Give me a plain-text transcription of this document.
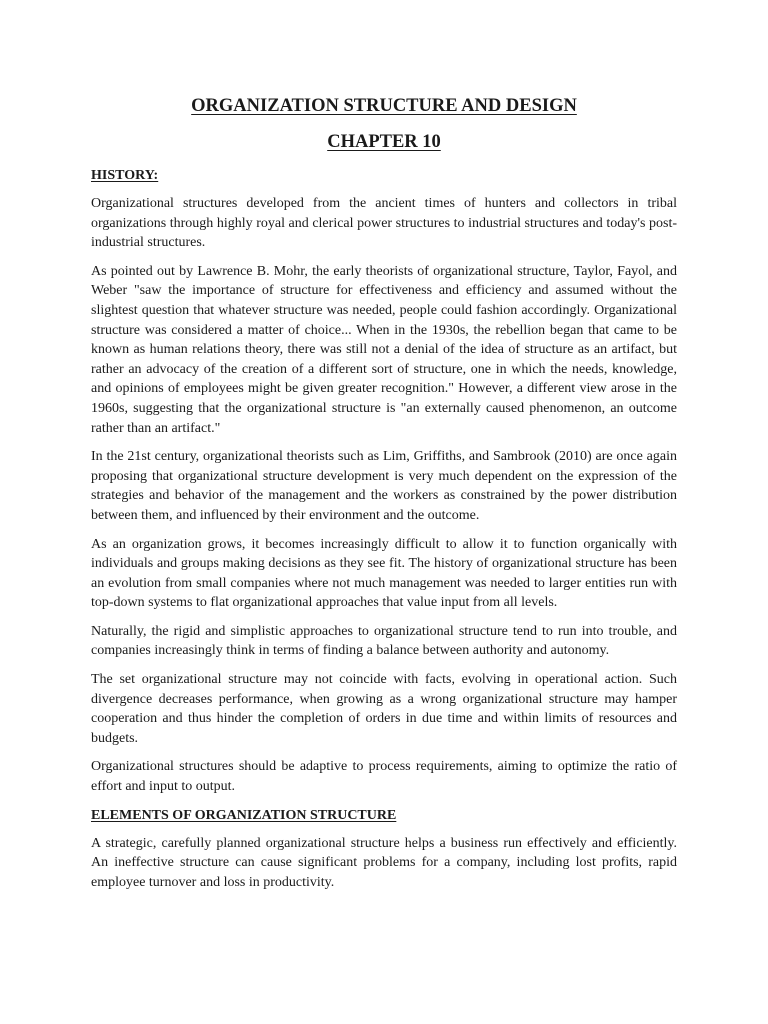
ORGANIZATION STRUCTURE AND DESIGN
CHAPTER 10
HISTORY:

Organizational structures developed from the ancient times of hunters and collectors in tribal organizations through highly royal and clerical power structures to industrial structures and today's post-industrial structures.

As pointed out by Lawrence B. Mohr, the early theorists of organizational structure, Taylor, Fayol, and Weber "saw the importance of structure for effectiveness and efficiency and assumed without the slightest question that whatever structure was needed, people could fashion accordingly. Organizational structure was considered a matter of choice... When in the 1930s, the rebellion began that came to be known as human relations theory, there was still not a denial of the idea of structure as an artifact, but rather an advocacy of the creation of a different sort of structure, one in which the needs, knowledge, and opinions of employees might be given greater recognition." However, a different view arose in the 1960s, suggesting that the organizational structure is "an externally caused phenomenon, an outcome rather than an artifact."

In the 21st century, organizational theorists such as Lim, Griffiths, and Sambrook (2010) are once again proposing that organizational structure development is very much dependent on the expression of the strategies and behavior of the management and the workers as constrained by the power distribution between them, and influenced by their environment and the outcome.

As an organization grows, it becomes increasingly difficult to allow it to function organically with individuals and groups making decisions as they see fit. The history of organizational structure has been an evolution from small companies where not much management was needed to larger entities run with top-down systems to flat organizational approaches that value input from all levels.

Naturally, the rigid and simplistic approaches to organizational structure tend to run into trouble, and companies increasingly think in terms of finding a balance between authority and autonomy.

The set organizational structure may not coincide with facts, evolving in operational action. Such divergence decreases performance, when growing as a wrong organizational structure may hamper cooperation and thus hinder the completion of orders in due time and within limits of resources and budgets.

Organizational structures should be adaptive to process requirements, aiming to optimize the ratio of effort and input to output.

ELEMENTS OF ORGANIZATION STRUCTURE

A strategic, carefully planned organizational structure helps a business run effectively and efficiently. An ineffective structure can cause significant problems for a company, including lost profits, rapid employee turnover and loss in productivity.
